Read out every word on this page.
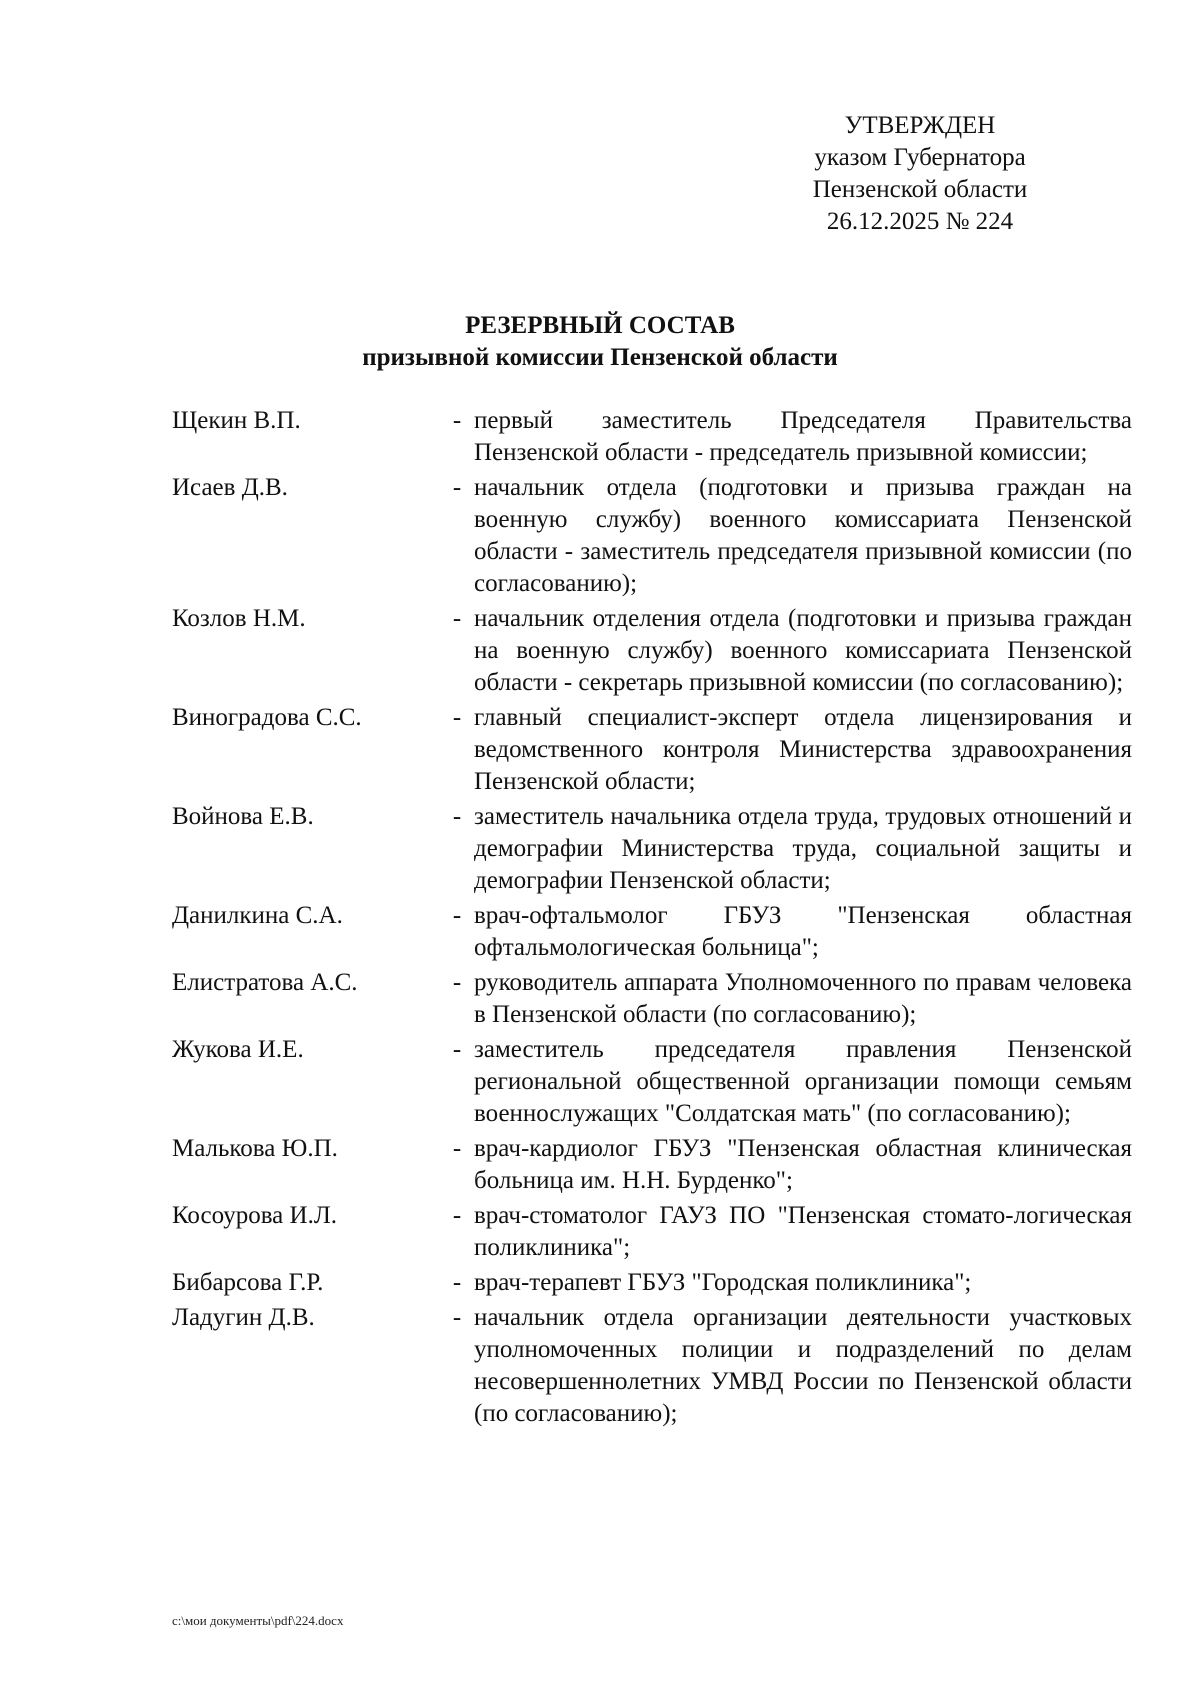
УТВЕРЖДЕН
указом Губернатора
Пензенской области
26.12.2025 № 224
РЕЗЕРВНЫЙ СОСТАВ
призывной комиссии Пензенской области
Щекин В.П.	- первый заместитель Председателя Правительства Пензенской области - председатель призывной комиссии;
Исаев Д.В.	- начальник отдела (подготовки и призыва граждан на военную службу) военного комиссариата Пензенской области - заместитель председателя призывной комиссии (по согласованию);
Козлов Н.М.	- начальник отделения отдела (подготовки и призыва граждан на военную службу) военного комиссариата Пензенской области - секретарь призывной комиссии (по согласованию);
Виноградова С.С.	- главный специалист-эксперт отдела лицензирования и ведомственного контроля Министерства здравоохранения Пензенской области;
Войнова Е.В.	- заместитель начальника отдела труда, трудовых отношений и демографии Министерства труда, социальной защиты и демографии Пензенской области;
Данилкина С.А.	- врач-офтальмолог ГБУЗ "Пензенская областная офтальмологическая больница";
Елистратова А.С.	- руководитель аппарата Уполномоченного по правам человека в Пензенской области (по согласованию);
Жукова И.Е.	- заместитель председателя правления Пензенской региональной общественной организации помощи семьям военнослужащих "Солдатская мать" (по согласованию);
Малькова Ю.П.	- врач-кардиолог ГБУЗ "Пензенская областная клиническая больница им. Н.Н. Бурденко";
Косоурова И.Л.	- врач-стоматолог ГАУЗ ПО "Пензенская стомато-логическая поликлиника";
Бибарсова Г.Р.	- врач-терапевт ГБУЗ "Городская поликлиника";
Ладугин Д.В.	- начальник отдела организации деятельности участковых уполномоченных полиции и подразделений по делам несовершеннолетних УМВД России по Пензенской области (по согласованию);
c:\мои документы\pdf\224.docx
